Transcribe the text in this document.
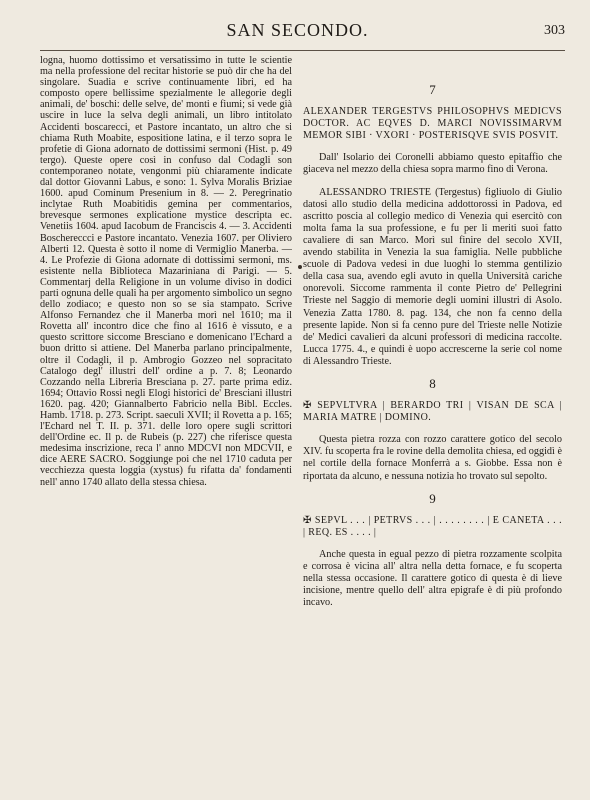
SAN SECONDO.	303
logna, huomo dottissimo et versatissimo in tutte le scientie ma nella professione del recitar historie se può dir che ha del singolare. Suadia e scrive continuamente libri, ed ha composto opere bellissime spezialmente le allegorie degli animali, de' boschi: delle selve, de' monti e fiumi; si vede già uscire in luce la selva degli animali, un libro intitolato Accidenti boscarecci, et Pastore incantato, un altro che si chiama Ruth Moabite, espositione latina, e il terzo sopra le profetie di Giona adornato de dottissimi sermoni (Hist. p. 49 tergo). Queste opere così in confuso dal Codagli son contemporaneo notate, vengonmi più chiaramente indicate dal dottor Giovanni Labus, e sono: 1. Sylva Moralis Briziae 1600. apud Cominum Presenium in 8. — 2. Peregrinatio inclytae Ruth Moabitidis gemina per commentarios, brevesque sermones explicatione mystice descripta ec. Venetiis 1604. apud Iacobum de Franciscis 4. — 3. Accidenti Boschereccci e Pastore incantato. Venezia 1607. per Oliviero Alberti 12. Questa è sotto il nome di Vermiglio Manerba. — 4. Le Profezie di Giona adornate di dottissimi sermoni, ms. esistente nella Biblioteca Mazariniana di Parigi. — 5. Commentarj della Religione in un volume diviso in dodici parti ognuna delle quali ha per argomento simbolico un segno dello zodiaco; e questo non so se sia stampato. Scrive Alfonso Fernandez che il Manerba morì nel 1610; ma il Rovetta all' incontro dice che fino al 1616 è vissuto, e a questo scrittore siccome Bresciano e domenicano l'Echard a buon dritto si attiene. Del Manerba parlano principalmente, oltre il Codagli, il p. Ambrogio Gozzeo nel sopracitato Catalogo degl' illustri dell' ordine a p. 7. 8; Leonardo Cozzando nella Libreria Bresciana p. 27. parte prima ediz. 1694; Ottavio Rossi negli Elogi historici de' Bresciani illustri 1620. pag. 420; Giannalberto Fabricio nella Bibl. Eccles. Hamb. 1718. p. 273. Script. saeculi XVII; il Rovetta a p. 165; l'Echard nel T. II. p. 371. delle loro opere sugli scrittori dell'Ordine ec. Il p. de Rubeis (p. 227) che riferisce questa medesima inscrizione, reca l' anno MDCVI non MDCVII, e dice AERE SACRO. Soggiunge poi che nel 1710 caduta per vecchiezza questa loggia (xystus) fu rifatta da' fondamenti nell' anno 1740 allato della stessa chiesa.
7
ALEXANDER TERGESTVS PHILOSOPHVS MEDICVS DOCTOR. AC EQVES D. MARCI NOVISSIMARVM MEMOR SIBI · VXORI · POSTERISQVE SVIS POSVIT.

Dall' Isolario dei Coronelli abbiamo questo epitaffio che giaceva nel mezzo della chiesa sopra marmo fino di Verona.

ALESSANDRO TRIESTE (Tergestus) figliuolo di Giulio datosi allo studio della medicina addottorossi in Padova, ed ascritto poscia al collegio medico di Venezia qui esercitò con molta fama la sua professione, e fu per li meriti suoi fatto cavaliere di san Marco. Morì sul finire del secolo XVII, avendo stabilita in Venezia la sua famiglia. Nelle pubbliche scuole di Padova vedesi in due luoghi lo stemma gentilizio della casa sua, avendo egli avuto in quella Università cariche onorevoli. Siccome rammenta il conte Pietro de' Pellegrini Trieste nel Saggio di memorie degli uomini illustri di Asolo. Venezia Zatta 1780. 8. pag. 134, che non fa cenno della presente lapide. Non si fa cenno pure del Trieste nelle Notizie de' Medici cavalieri da alcuni professori di medicina raccolte. Lucca 1775. 4., e quindi è uopo accrescerne la serie col nome di Alessandro Trieste.

8
✠ SEPVLTVRA | BERARDO TRI | VISAN DE SCA | MARIA MATRE | DOMINO.

Questa pietra rozza con rozzo carattere gotico del secolo XIV. fu scoperta fra le rovine della demolita chiesa, ed oggidì è nel cortile della fornace Monferrà a s. Giobbe. Essa non è riportata da alcuno, e nessuna notizia ho trovato sul sepolto.

9
✠ SEPVL . . . | PETRVS . . . | . . . . . . . . | E CANETA . . . | REQ. ES . . . . |

Anche questa in egual pezzo di pietra rozzamente scolpita e corrosa è vicina all' altra nella detta fornace, e fu scoperta nella stessa occasione. Il carattere gotico di questa è di lieve incisione, mentre quello dell' altra epigrafe è di più profondo incavo.
